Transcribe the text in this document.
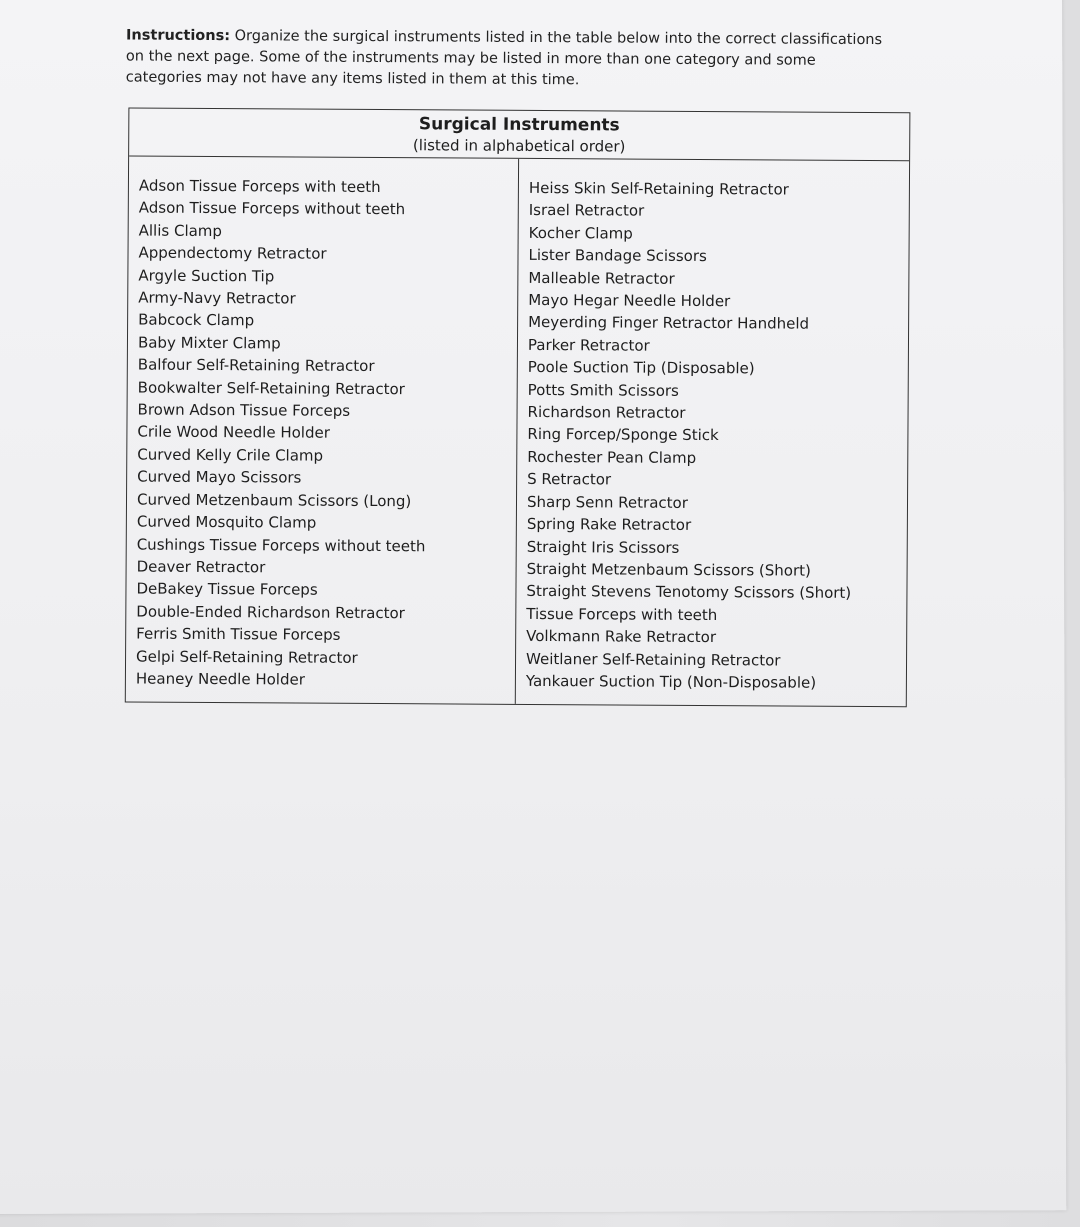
Instructions: Organize the surgical instruments listed in the table below into the correct classifications on the next page. Some of the instruments may be listed in more than one category and some categories may not have any items listed in them at this time.
Surgical Instruments
(listed in alphabetical order)
Adson Tissue Forceps with teeth
Adson Tissue Forceps without teeth
Allis Clamp
Appendectomy Retractor
Argyle Suction Tip
Army-Navy Retractor
Babcock Clamp
Baby Mixter Clamp
Balfour Self-Retaining Retractor
Bookwalter Self-Retaining Retractor
Brown Adson Tissue Forceps
Crile Wood Needle Holder
Curved Kelly Crile Clamp
Curved Mayo Scissors
Curved Metzenbaum Scissors (Long)
Curved Mosquito Clamp
Cushings Tissue Forceps without teeth
Deaver Retractor
DeBakey Tissue Forceps
Double-Ended Richardson Retractor
Ferris Smith Tissue Forceps
Gelpi Self-Retaining Retractor
Heaney Needle Holder
Heiss Skin Self-Retaining Retractor
Israel Retractor
Kocher Clamp
Lister Bandage Scissors
Malleable Retractor
Mayo Hegar Needle Holder
Meyerding Finger Retractor Handheld
Parker Retractor
Poole Suction Tip (Disposable)
Potts Smith Scissors
Richardson Retractor
Ring Forcep/Sponge Stick
Rochester Pean Clamp
S Retractor
Sharp Senn Retractor
Spring Rake Retractor
Straight Iris Scissors
Straight Metzenbaum Scissors (Short)
Straight Stevens Tenotomy Scissors (Short)
Tissue Forceps with teeth
Volkmann Rake Retractor
Weitlaner Self-Retaining Retractor
Yankauer Suction Tip (Non-Disposable)
